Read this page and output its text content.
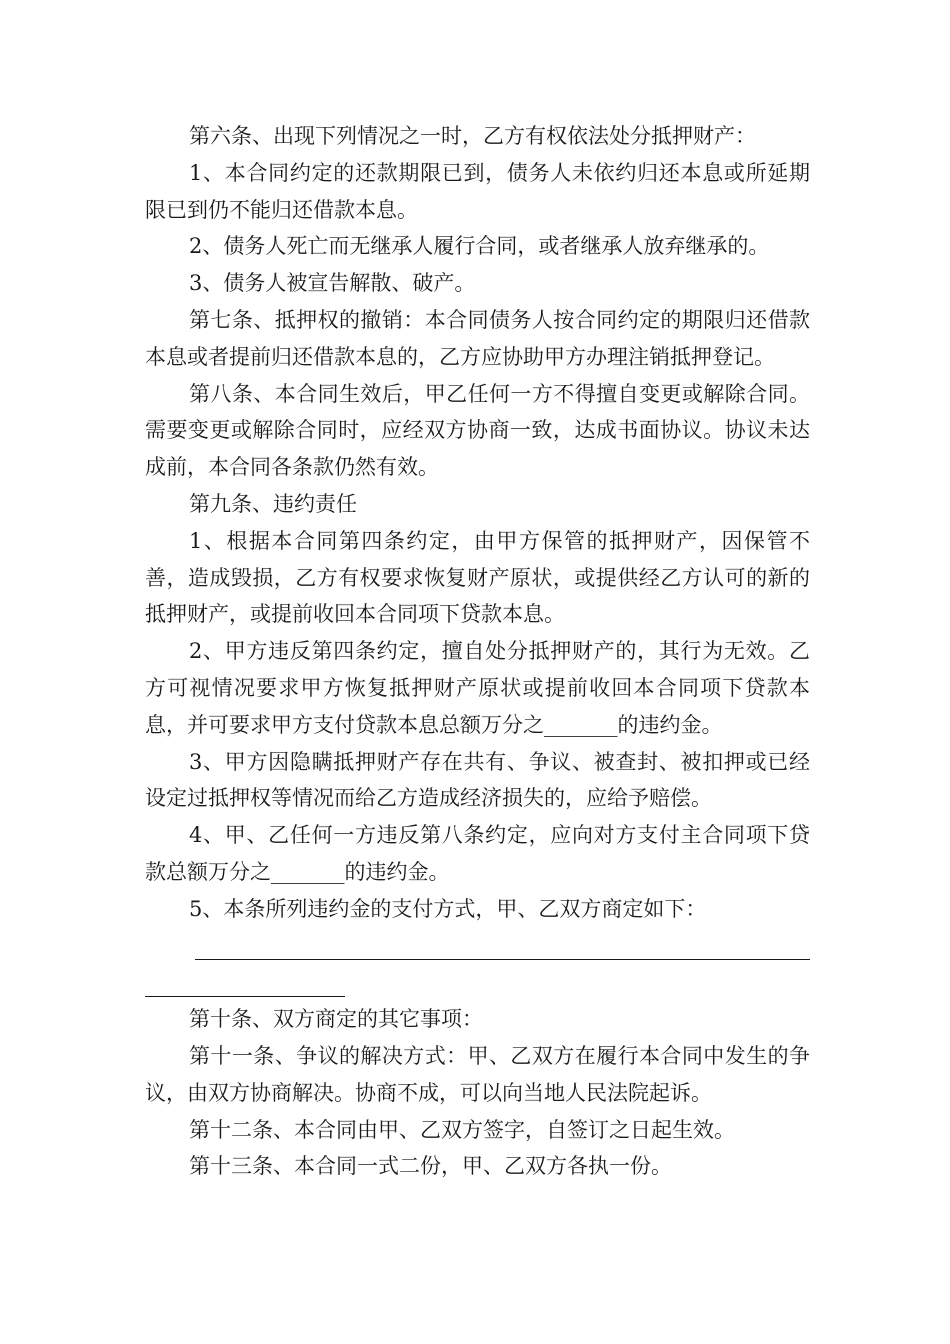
第六条、出现下列情况之一时，乙方有权依法处分抵押财产：

1、本合同约定的还款期限已到，债务人未依约归还本息或所延期限已到仍不能归还借款本息。

2、债务人死亡而无继承人履行合同，或者继承人放弃继承的。

3、债务人被宣告解散、破产。

第七条、抵押权的撤销：本合同债务人按合同约定的期限归还借款本息或者提前归还借款本息的，乙方应协助甲方办理注销抵押登记。

第八条、本合同生效后，甲乙任何一方不得擅自变更或解除合同。需要变更或解除合同时，应经双方协商一致，达成书面协议。协议未达成前，本合同各条款仍然有效。

第九条、违约责任

1、根据本合同第四条约定，由甲方保管的抵押财产，因保管不善，造成毁损，乙方有权要求恢复财产原状，或提供经乙方认可的新的抵押财产，或提前收回本合同项下贷款本息。

2、甲方违反第四条约定，擅自处分抵押财产的，其行为无效。乙方可视情况要求甲方恢复抵押财产原状或提前收回本合同项下贷款本息，并可要求甲方支付贷款本息总额万分之_______的违约金。

3、甲方因隐瞒抵押财产存在共有、争议、被查封、被扣押或已经设定过抵押权等情况而给乙方造成经济损失的，应给予赔偿。

4、甲、乙任何一方违反第八条约定，应向对方支付主合同项下贷款总额万分之_______的违约金。

5、本条所列违约金的支付方式，甲、乙双方商定如下：

第十条、双方商定的其它事项：

第十一条、争议的解决方式：甲、乙双方在履行本合同中发生的争议，由双方协商解决。协商不成，可以向当地人民法院起诉。

第十二条、本合同由甲、乙双方签字，自签订之日起生效。

第十三条、本合同一式二份，甲、乙双方各执一份。
